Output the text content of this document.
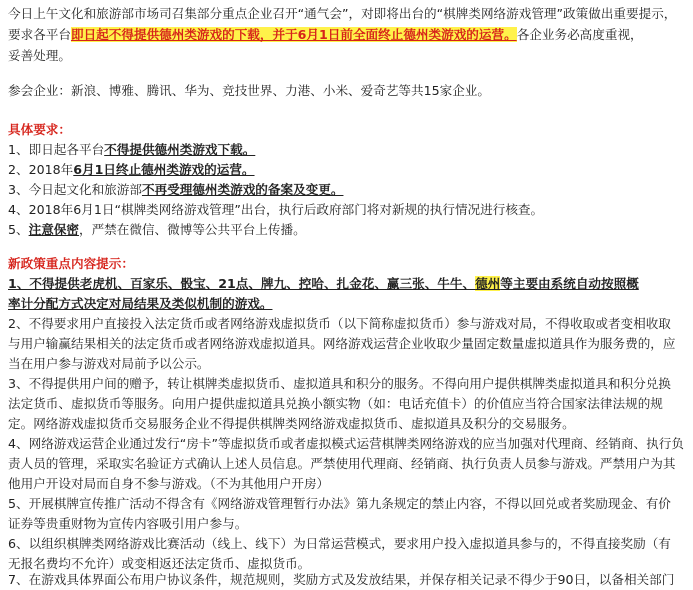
今日上午文化和旅游部市场司召集部分重点企业召开“通气会”，对即将出台的“棋牌类网络游戏管理”政策做出重要提示，
要求各平台即日起不得提供德州类游戏的下载，并于6月1日前全面终止德州类游戏的运营。各企业务必高度重视，
妥善处理。
参会企业：新浪、博雅、腾讯、华为、竞技世界、力港、小米、爱奇艺等共15家企业。
具体要求：
1、即日起各平台不得提供德州类游戏下载。
2、2018年6月1日终止德州类游戏的运营。
3、今日起文化和旅游部不再受理德州类游戏的备案及变更。
4、2018年6月1日“棋牌类网络游戏管理”出台，执行后政府部门将对新规的执行情况进行核查。
5、注意保密，严禁在微信、微博等公共平台上传播。
新政策重点内容提示：
1、不得提供老虎机、百家乐、骰宝、21点、牌九、控哈、扎金花、赢三张、牛牛、德州等主要由系统自动按照概
率计分配方式决定对局结果及类似机制的游戏。
2、不得要求用户直接投入法定货币或者网络游戏虚拟货币（以下简称虚拟货币）参与游戏对局，不得收取或者变相收取
与用户输赢结果相关的法定货币或者网络游戏虚拟道具。网络游戏运营企业收取少量固定数量虚拟道具作为服务费的，应
当在用户参与游戏对局前予以公示。
3、不得提供用户间的赠予，转让棋牌类虚拟货币、虚拟道具和积分的服务。不得向用户提供棋牌类虚拟道具和积分兑换
法定货币、虚拟货币等服务。向用户提供虚拟道具兑换小额实物（如：电话充值卡）的价值应当符合国家法律法规的规
定。网络游戏虚拟货币交易服务企业不得提供棋牌类网络游戏虚拟货币、虚拟道具及积分的交易服务。
4、网络游戏运营企业通过发行“房卡”等虚拟货币或者虚拟模式运营棋牌类网络游戏的应当加强对代理商、经销商、执行负
责人员的管理，采取实名验证方式确认上述人员信息。严禁使用代理商、经销商、执行负责人员参与游戏。严禁用户为其
他用户开设对局而自身不参与游戏。（不为其他用户开房）
5、开展棋牌宣传推广活动不得含有《网络游戏管理暂行办法》第九条规定的禁止内容，不得以回兑或者奖励现金、有价
证券等贵重财物为宣传内容吸引用户参与。
6、以组织棋牌类网络游戏比赛活动（线上、线下）为日常运营模式，要求用户投入虚拟道具参与的，不得直接奖励（有
无报名费均不允许）或变相返还法定货币、虚拟货币。
7、在游戏具体界面公布用户协议条件，规范规则，奖励方式及发放结果，并保存相关记录不得少于90日，以备相关部门
